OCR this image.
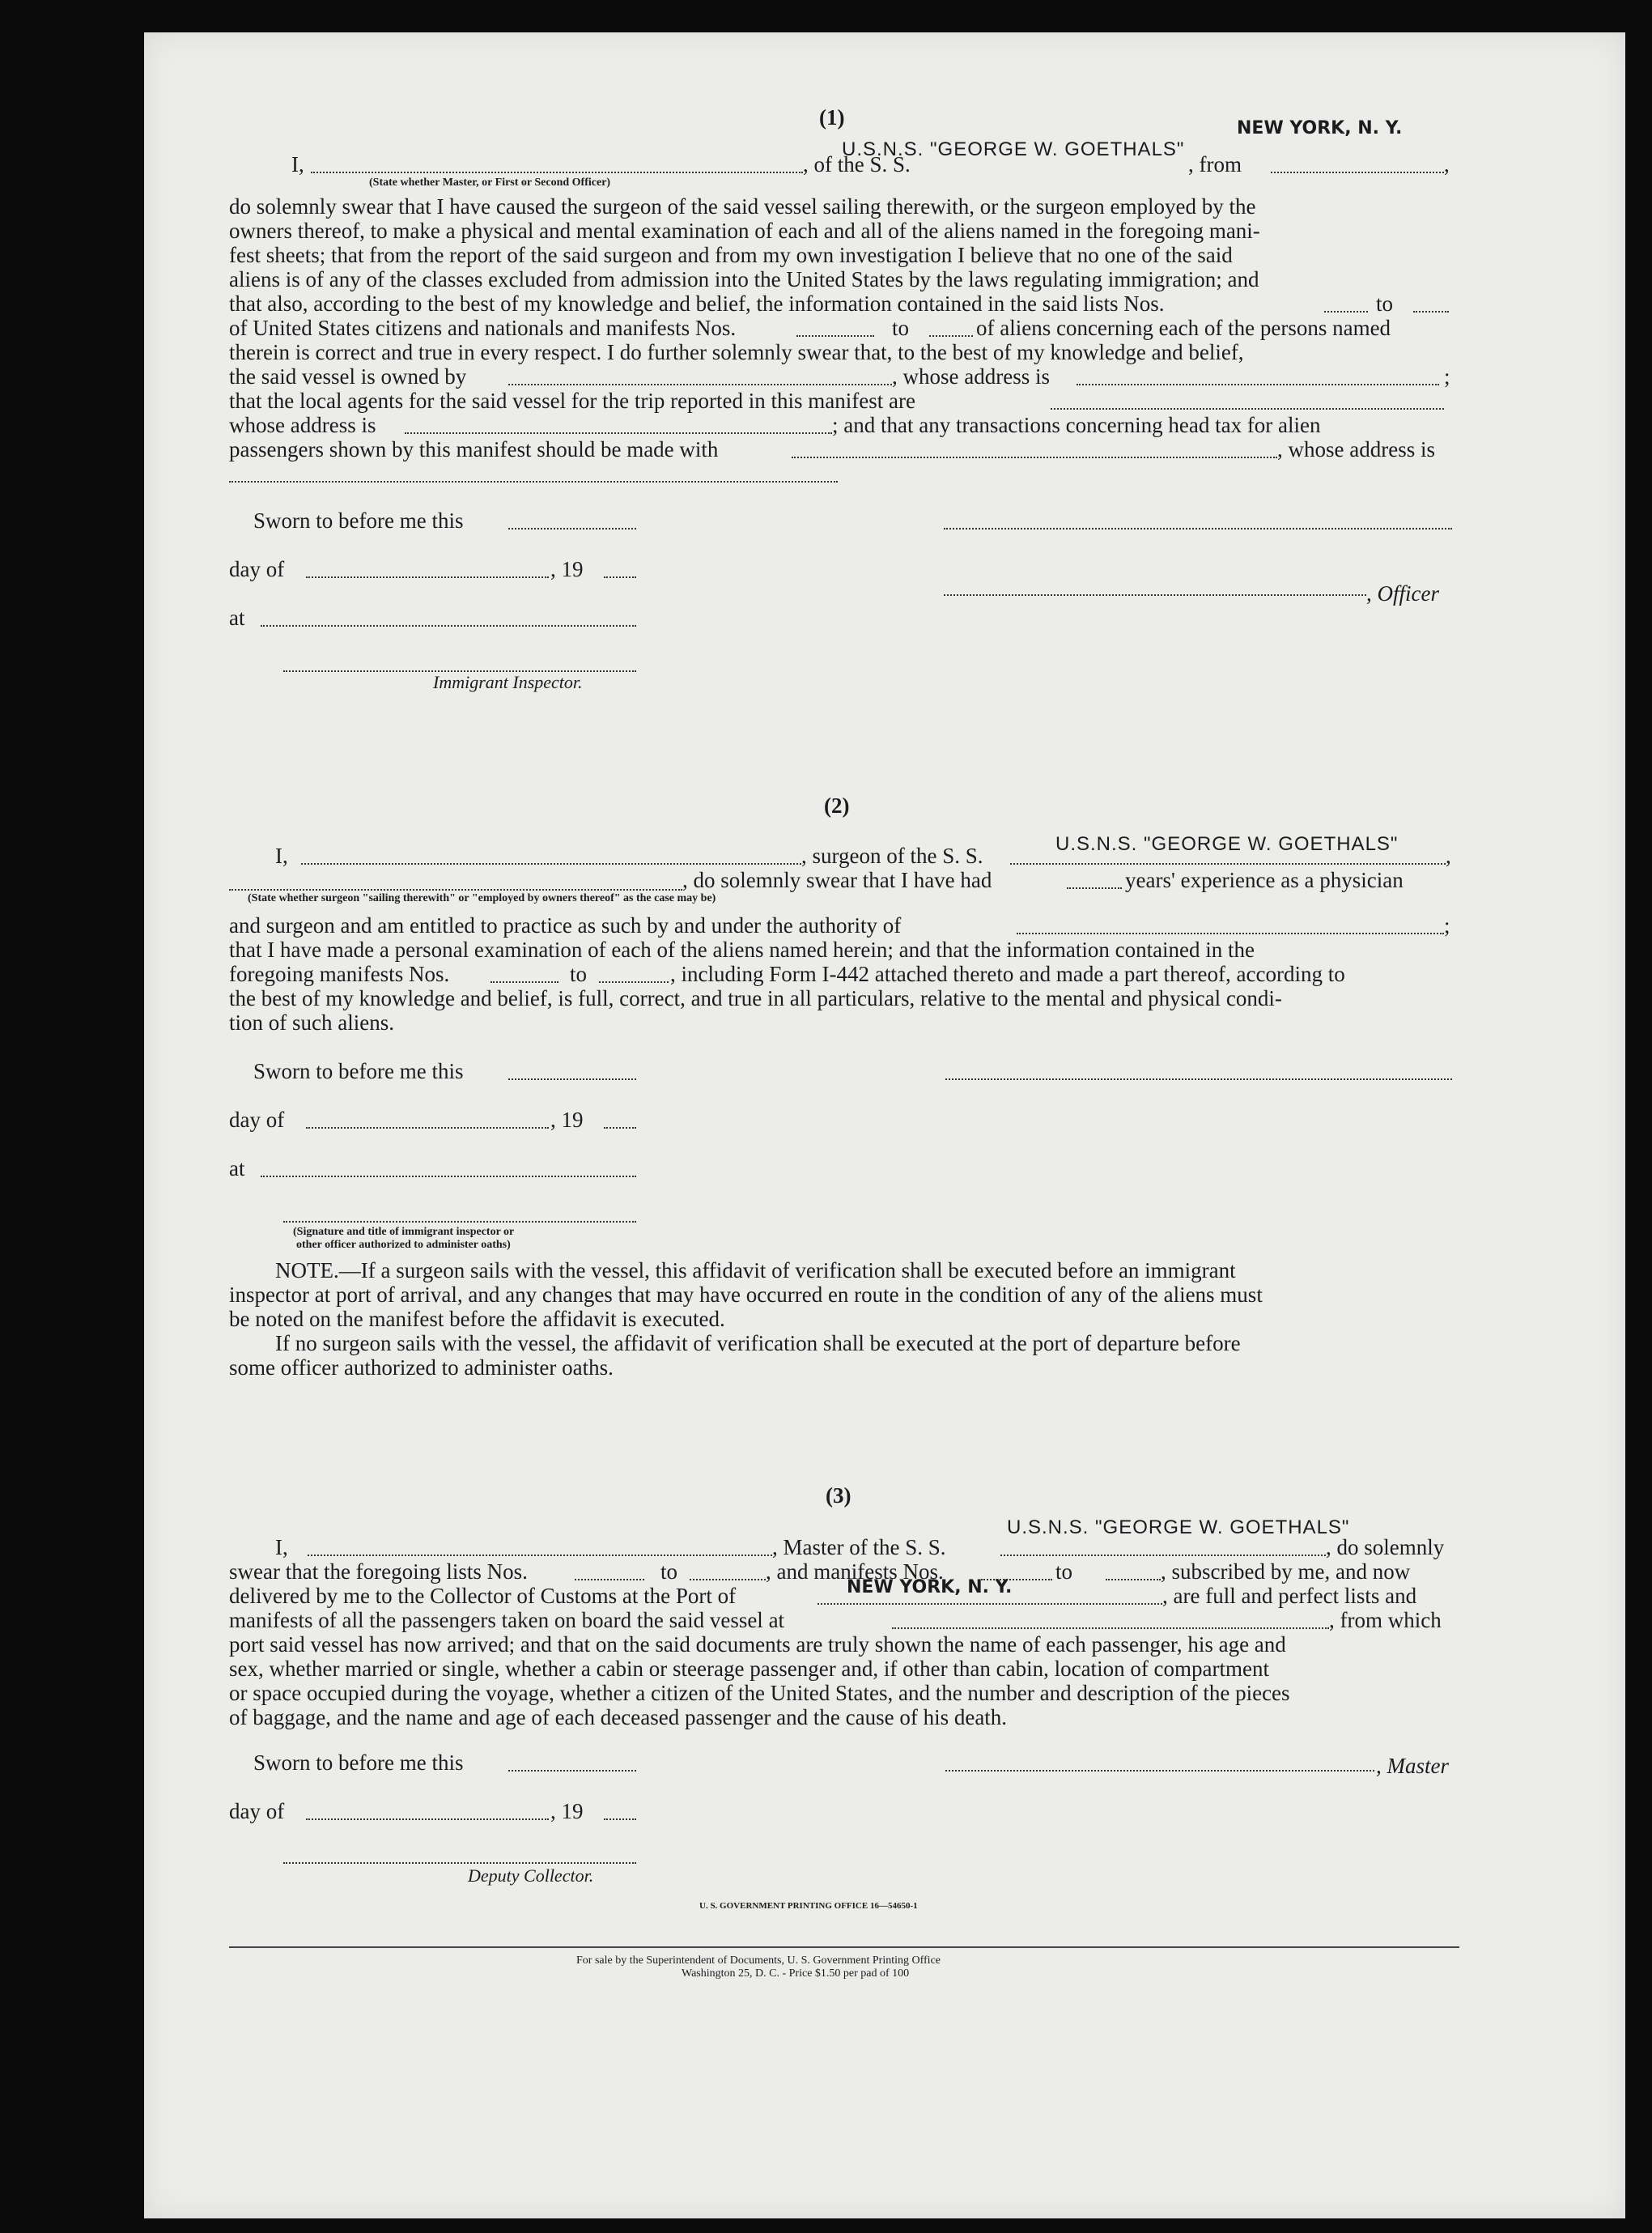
(1)	NEW YORK, N. Y.
I,	, of the S. S.
U.S.N.S. "GEORGE W. GOETHALS"
, from	,
(State whether Master, or First or Second Officer)
do solemnly swear that I have caused the surgeon of the said vessel sailing therewith, or the surgeon employed by the
owners thereof, to make a physical and mental examination of each and all of the aliens named in the foregoing mani-
fest sheets; that from the report of the said surgeon and from my own investigation I believe that no one of the said
aliens is of any of the classes excluded from admission into the United States by the laws regulating immigration; and
that also, according to the best of my knowledge and belief, the information contained in the said lists Nos.	to
of United States citizens and nationals and manifests Nos.	to	of aliens concerning each of the persons named
therein is correct and true in every respect. I do further solemnly swear that, to the best of my knowledge and belief,
the said vessel is owned by	, whose address is	;
that the local agents for the said vessel for the trip reported in this manifest are
whose address is	; and that any transactions concerning head tax for alien
passengers shown by this manifest should be made with	, whose address is
Sworn to before me this
day of	, 19
, Officer
at
Immigrant Inspector.
(2)
I,	, surgeon of the S. S.	U.S.N.S. "GEORGE W. GOETHALS" ,
, do solemnly swear that I have had	years' experience as a physician
(State whether surgeon "sailing therewith" or "employed by owners thereof" as the case may be)
and surgeon and am entitled to practice as such by and under the authority of	;
that I have made a personal examination of each of the aliens named herein; and that the information contained in the
foregoing manifests Nos.	to	, including Form I-442 attached thereto and made a part thereof, according to
the best of my knowledge and belief, is full, correct, and true in all particulars, relative to the mental and physical condi-
tion of such aliens.
Sworn to before me this
day of	, 19
at
(Signature and title of immigrant inspector or
other officer authorized to administer oaths)
NOTE.—If a surgeon sails with the vessel, this affidavit of verification shall be executed before an immigrant
inspector at port of arrival, and any changes that may have occurred en route in the condition of any of the aliens must
be noted on the manifest before the affidavit is executed.
If no surgeon sails with the vessel, the affidavit of verification shall be executed at the port of departure before
some officer authorized to administer oaths.
(3)
U.S.N.S. "GEORGE W. GOETHALS"
I,	, Master of the S. S.	, do solemnly
swear that the foregoing lists Nos.	to	, and manifests Nos.	to	, subscribed by me, and now
delivered by me to the Collector of Customs at the Port of	NEW YORK, N. Y.	, are full and perfect lists and
manifests of all the passengers taken on board the said vessel at	, from which
port said vessel has now arrived; and that on the said documents are truly shown the name of each passenger, his age and
sex, whether married or single, whether a cabin or steerage passenger and, if other than cabin, location of compartment
or space occupied during the voyage, whether a citizen of the United States, and the number and description of the pieces
of baggage, and the name and age of each deceased passenger and the cause of his death.
Sworn to before me this	, Master
day of	, 19
Deputy Collector.
U. S. GOVERNMENT PRINTING OFFICE 16—54650-1
For sale by the Superintendent of Documents, U. S. Government Printing Office
Washington 25, D. C. - Price $1.50 per pad of 100
